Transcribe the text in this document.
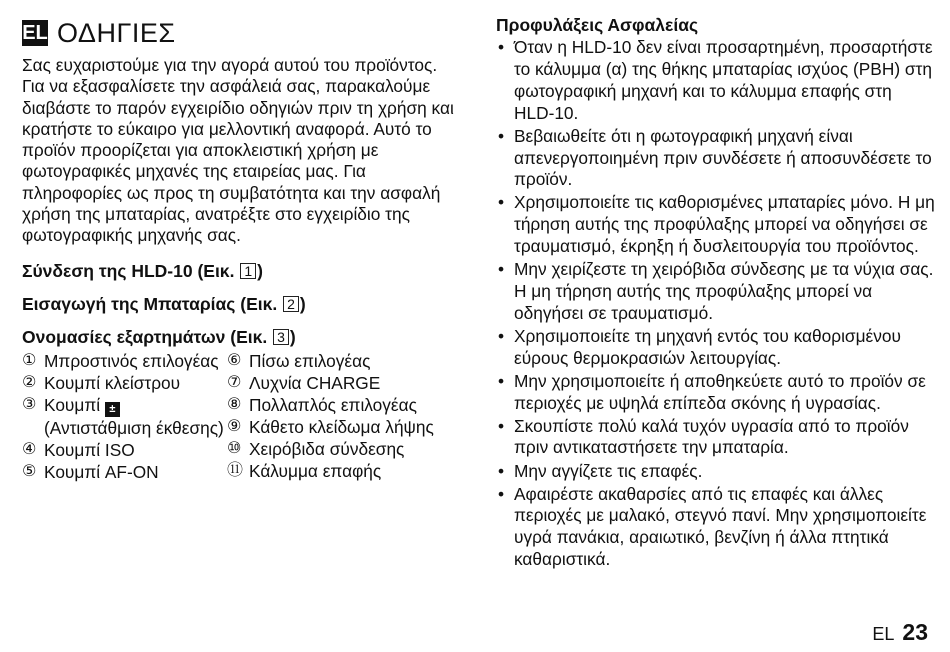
EL ΟΔΗΓΙΕΣ
Σας ευχαριστούμε για την αγορά αυτού του προϊόντος. Για να εξασφαλίσετε την ασφάλειά σας, παρακαλούμε διαβάστε το παρόν εγχειρίδιο οδηγιών πριν τη χρήση και κρατήστε το εύκαιρο για μελλοντική αναφορά. Αυτό το προϊόν προορίζεται για αποκλειστική χρήση με φωτογραφικές μηχανές της εταιρείας μας. Για πληροφορίες ως προς τη συμβατότητα και την ασφαλή χρήση της μπαταρίας, ανατρέξτε στο εγχειρίδιο της φωτογραφικής μηχανής σας.
Σύνδεση της HLD-10 (Εικ. 1 )
Εισαγωγή της Μπαταρίας (Εικ. 2 )
Ονομασίες εξαρτημάτων (Εικ. 3 )
① Μπροστινός επιλογέας
② Κουμπί κλείστρου
③ Κουμπί ± (Αντιστάθμιση έκθεσης)
④ Κουμπί ISO
⑤ Κουμπί AF-ON
⑥ Πίσω επιλογέας
⑦ Λυχνία CHARGE
⑧ Πολλαπλός επιλογέας
⑨ Κάθετο κλείδωμα λήψης
⑩ Χειρόβιδα σύνδεσης
⑪ Κάλυμμα επαφής
Προφυλάξεις Ασφαλείας
• Όταν η HLD-10 δεν είναι προσαρτημένη, προσαρτήστε το κάλυμμα (α) της θήκης μπαταρίας ισχύος (PBH) στη φωτογραφική μηχανή και το κάλυμμα επαφής στη HLD-10.
• Βεβαιωθείτε ότι η φωτογραφική μηχανή είναι απενεργοποιημένη πριν συνδέσετε ή αποσυνδέσετε το προϊόν.
• Χρησιμοποιείτε τις καθορισμένες μπαταρίες μόνο. Η μη τήρηση αυτής της προφύλαξης μπορεί να οδηγήσει σε τραυματισμό, έκρηξη ή δυσλειτουργία του προϊόντος.
• Μην χειρίζεστε τη χειρόβιδα σύνδεσης με τα νύχια σας. Η μη τήρηση αυτής της προφύλαξης μπορεί να οδηγήσει σε τραυματισμό.
• Χρησιμοποιείτε τη μηχανή εντός του καθορισμένου εύρους θερμοκρασιών λειτουργίας.
• Μην χρησιμοποιείτε ή αποθηκεύετε αυτό το προϊόν σε περιοχές με υψηλά επίπεδα σκόνης ή υγρασίας.
• Σκουπίστε πολύ καλά τυχόν υγρασία από το προϊόν πριν αντικαταστήσετε την μπαταρία.
• Μην αγγίζετε τις επαφές.
• Αφαιρέστε ακαθαρσίες από τις επαφές και άλλες περιοχές με μαλακό, στεγνό πανί. Μην χρησιμοποιείτε υγρά πανάκια, αραιωτικό, βενζίνη ή άλλα πτητικά καθαριστικά.
EL 23
